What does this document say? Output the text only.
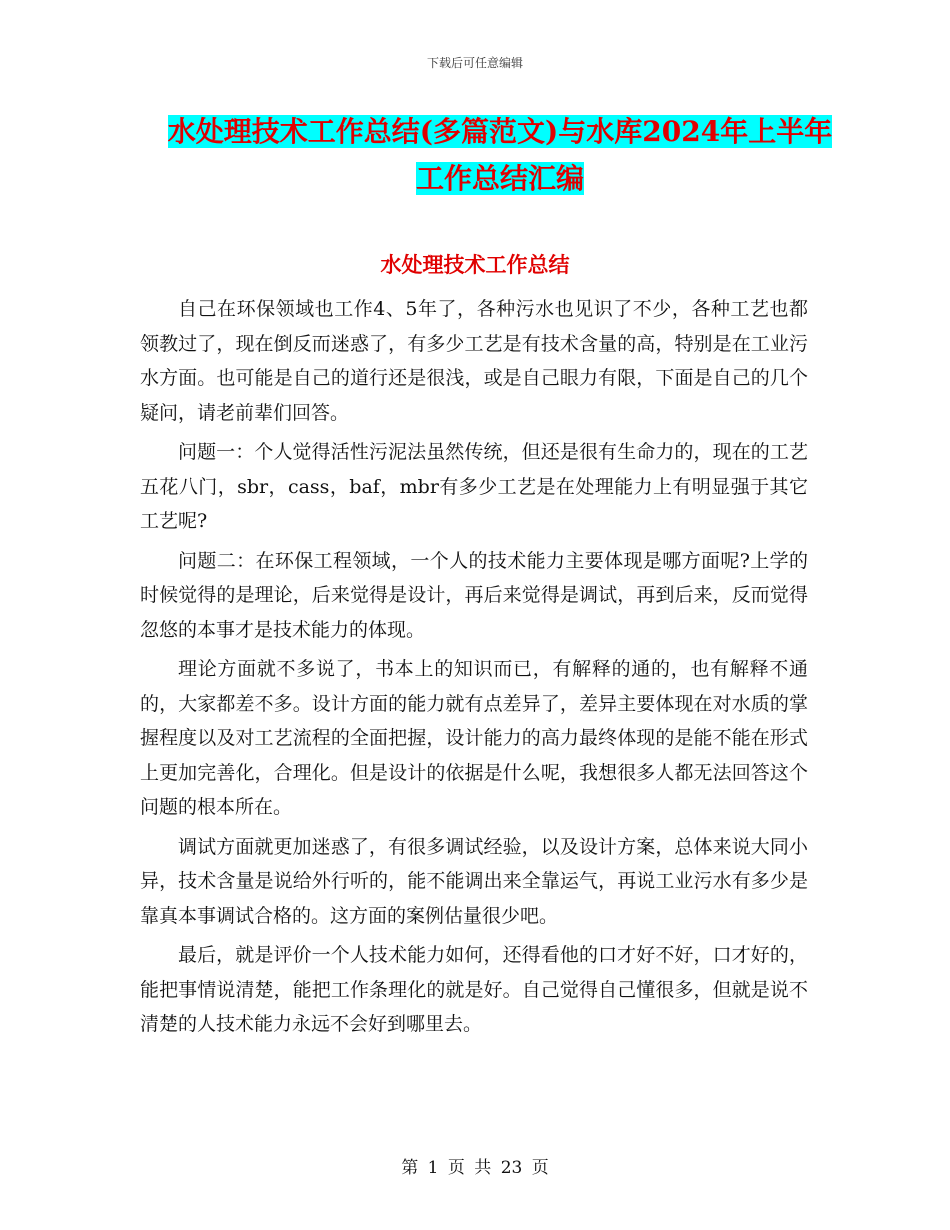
下载后可任意编辑
水处理技术工作总结(多篇范文)与水库2024年上半年
工作总结汇编
水处理技术工作总结

自己在环保领域也工作4、5年了，各种污水也见识了不少，各种工艺也都领教过了，现在倒反而迷惑了，有多少工艺是有技术含量的高，特别是在工业污水方面。也可能是自己的道行还是很浅，或是自己眼力有限，下面是自己的几个疑问，请老前辈们回答。

问题一：个人觉得活性污泥法虽然传统，但还是很有生命力的，现在的工艺五花八门，sbr，cass，baf，mbr有多少工艺是在处理能力上有明显强于其它工艺呢?

问题二：在环保工程领域，一个人的技术能力主要体现是哪方面呢?上学的时候觉得的是理论，后来觉得是设计，再后来觉得是调试，再到后来，反而觉得忽悠的本事才是技术能力的体现。

理论方面就不多说了，书本上的知识而已，有解释的通的，也有解释不通的，大家都差不多。设计方面的能力就有点差异了，差异主要体现在对水质的掌握程度以及对工艺流程的全面把握，设计能力的高力最终体现的是能不能在形式上更加完善化，合理化。但是设计的依据是什么呢，我想很多人都无法回答这个问题的根本所在。

调试方面就更加迷惑了，有很多调试经验，以及设计方案，总体来说大同小异，技术含量是说给外行听的，能不能调出来全靠运气，再说工业污水有多少是靠真本事调试合格的。这方面的案例估量很少吧。

最后，就是评价一个人技术能力如何，还得看他的口才好不好，口才好的，能把事情说清楚，能把工作条理化的就是好。自己觉得自己懂很多，但就是说不清楚的人技术能力永远不会好到哪里去。

第 1 页 共 23 页
